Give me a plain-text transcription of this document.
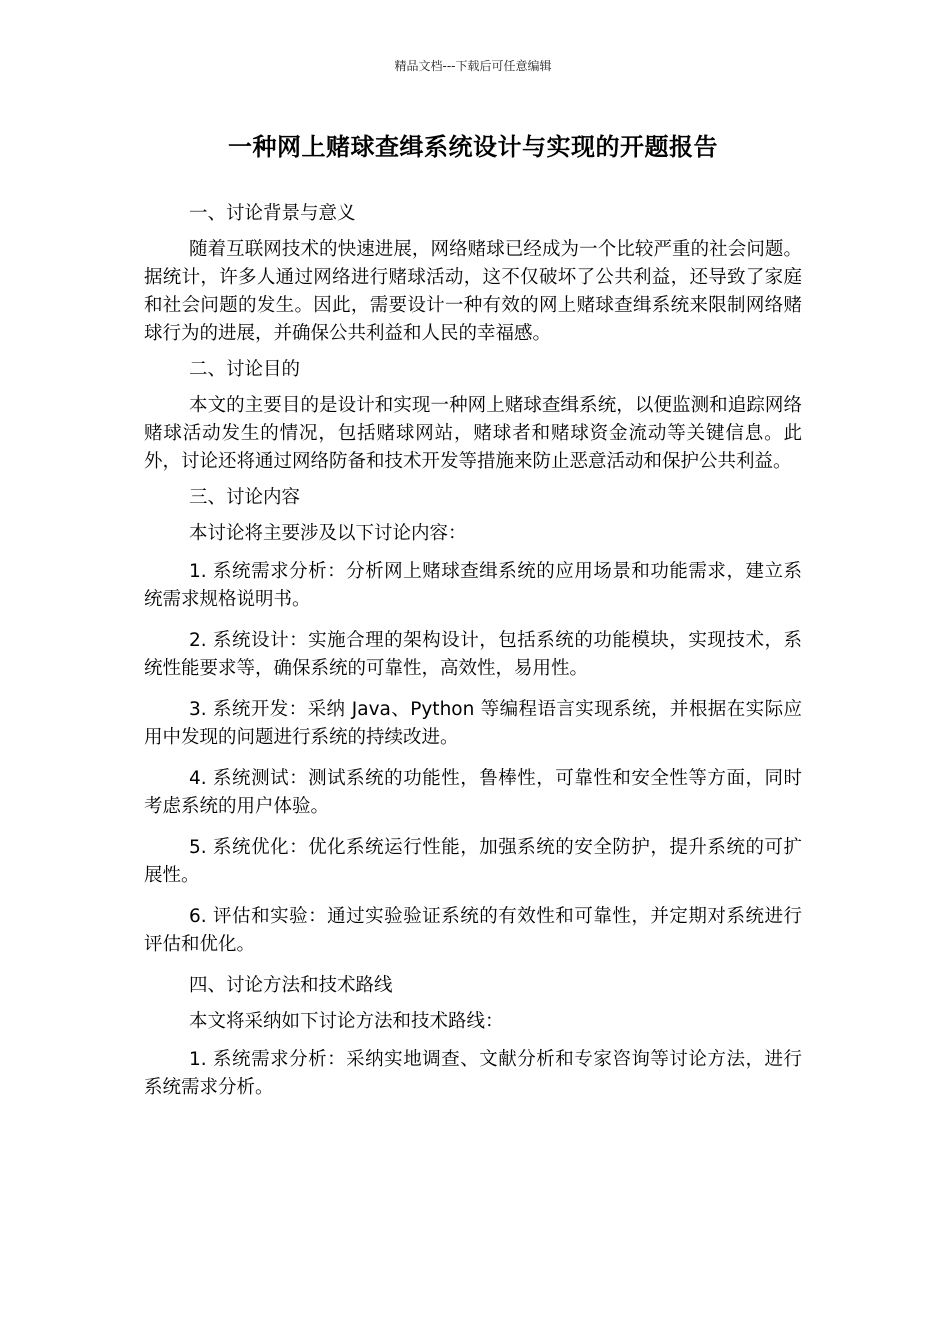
精品文档---下载后可任意编辑
一种网上赌球查缉系统设计与实现的开题报告

一、讨论背景与意义

随着互联网技术的快速进展，网络赌球已经成为一个比较严重的社会问题。据统计，许多人通过网络进行赌球活动，这不仅破坏了公共利益，还导致了家庭和社会问题的发生。因此，需要设计一种有效的网上赌球查缉系统来限制网络赌球行为的进展，并确保公共利益和人民的幸福感。

二、讨论目的

本文的主要目的是设计和实现一种网上赌球查缉系统，以便监测和追踪网络赌球活动发生的情况，包括赌球网站，赌球者和赌球资金流动等关键信息。此外，讨论还将通过网络防备和技术开发等措施来防止恶意活动和保护公共利益。

三、讨论内容

本讨论将主要涉及以下讨论内容：

1. 系统需求分析：分析网上赌球查缉系统的应用场景和功能需求，建立系统需求规格说明书。

2. 系统设计：实施合理的架构设计，包括系统的功能模块，实现技术，系统性能要求等，确保系统的可靠性，高效性，易用性。

3. 系统开发：采纳 Java、Python 等编程语言实现系统，并根据在实际应用中发现的问题进行系统的持续改进。

4. 系统测试：测试系统的功能性，鲁棒性，可靠性和安全性等方面，同时考虑系统的用户体验。

5. 系统优化：优化系统运行性能，加强系统的安全防护，提升系统的可扩展性。

6. 评估和实验：通过实验验证系统的有效性和可靠性，并定期对系统进行评估和优化。

四、讨论方法和技术路线

本文将采纳如下讨论方法和技术路线：

1. 系统需求分析：采纳实地调查、文献分析和专家咨询等讨论方法，进行系统需求分析。
